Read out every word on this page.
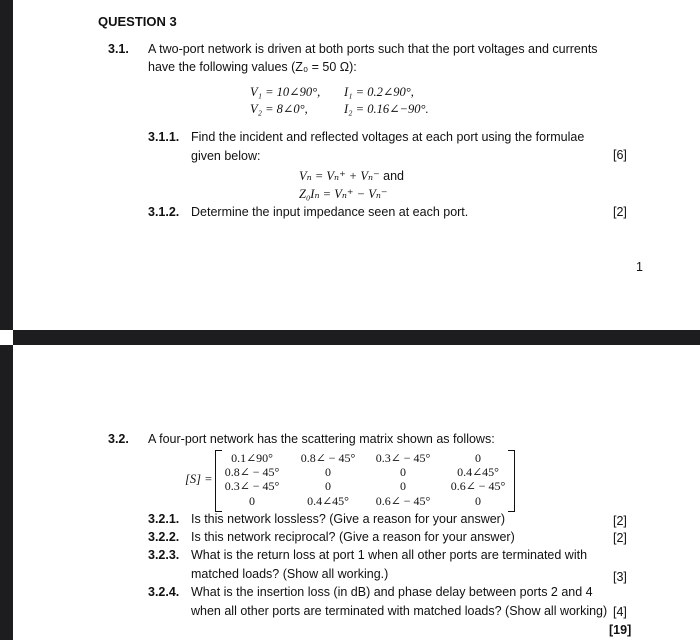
QUESTION 3
3.1. A two-port network is driven at both ports such that the port voltages and currents
have the following values (Z₀ = 50 Ω):
V₁ = 10∠90°, I₁ = 0.2∠90°,
V₂ = 8∠0°,	I₂ = 0.16∠−90°.
3.1.1. Find the incident and reflected voltages at each port using the formulae
given below:	[6]
Vₙ = Vₙ⁺ + Vₙ⁻ and
Z₀Iₙ = Vₙ⁺ − Vₙ⁻
3.1.2. Determine the input impedance seen at each port.	[2]
1
3.2. A four-port network has the scattering matrix shown as follows:
[S] =
0.1∠90°	0.8∠ − 45°	0.3∠ − 45°	0
0.8∠ − 45°	0	0	0.4∠45°
0.3∠ − 45°	0	0	0.6∠ − 45°
0	0.4∠45°	0.6∠ − 45°	0
3.2.1. Is this network lossless? (Give a reason for your answer)	[2]
3.2.2. Is this network reciprocal? (Give a reason for your answer)	[2]
3.2.3. What is the return loss at port 1 when all other ports are terminated with
matched loads? (Show all working.)	[3]
3.2.4. What is the insertion loss (in dB) and phase delay between ports 2 and 4
when all other ports are terminated with matched loads? (Show all working) [4]
[19]
